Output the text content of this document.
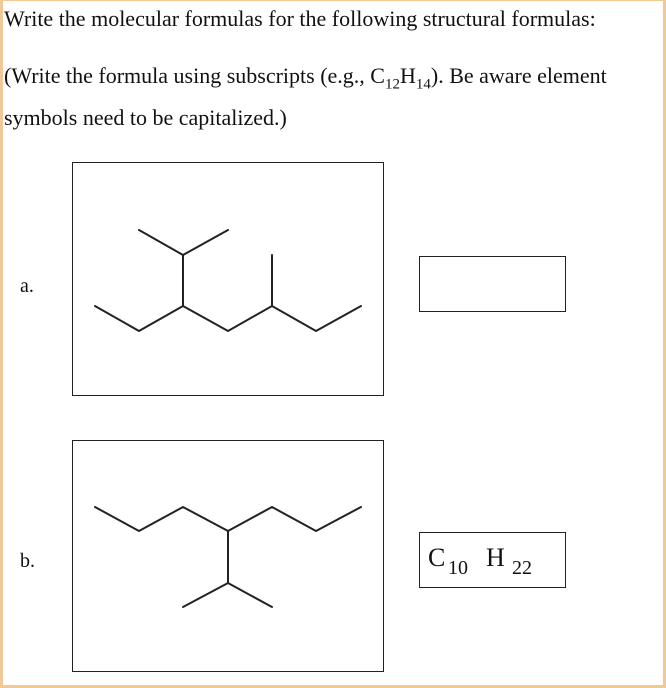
Write the molecular formulas for the following structural formulas:
(Write the formula using subscripts (e.g., $C_{12}H_{14}$). Be aware element symbols need to be capitalized.)
a.
b.	C 10 H 22
